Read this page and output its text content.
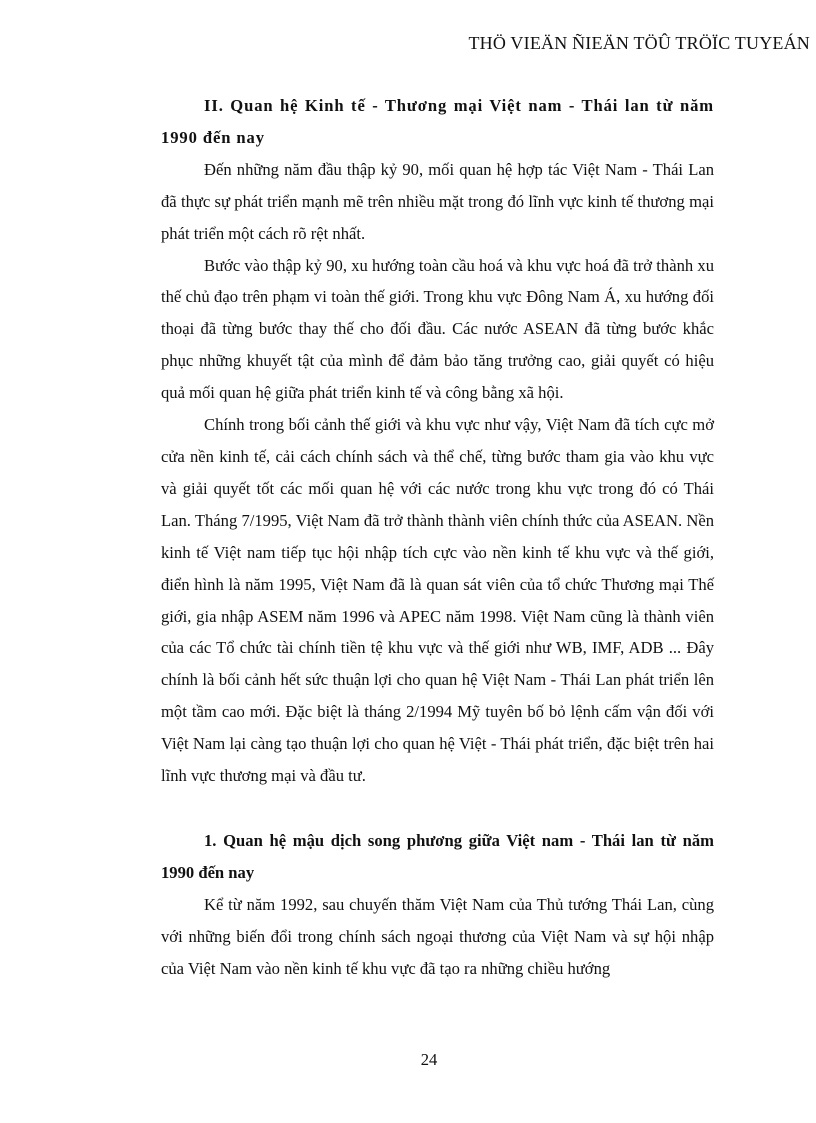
THÖ VIEÄN ÑIEÄN TÖÛ TRÖÏC TUYEÁN

II. Quan hệ Kinh tế - Thương mại Việt nam - Thái lan từ năm 1990 đến nay

Đến những năm đầu thập kỷ 90, mối quan hệ hợp tác Việt Nam - Thái Lan đã thực sự phát triển mạnh mẽ trên nhiều mặt trong đó lĩnh vực kinh tế thương mại phát triển một cách rõ rệt nhất.

Bước vào thập kỷ 90, xu hướng toàn cầu hoá và khu vực hoá đã trở thành xu thế chủ đạo trên phạm vi toàn thế giới. Trong khu vực Đông Nam Á, xu hướng đối thoại đã từng bước thay thế cho đối đầu. Các nước ASEAN đã từng bước khắc phục những khuyết tật của mình để đảm bảo tăng trưởng cao, giải quyết có hiệu quả mối quan hệ giữa phát triển kinh tế và công bằng xã hội.

Chính trong bối cảnh thế giới và khu vực như vậy, Việt Nam đã tích cực mở cửa nền kinh tế, cải cách chính sách và thể chế, từng bước tham gia vào khu vực và giải quyết tốt các mối quan hệ với các nước trong khu vực trong đó có Thái Lan. Tháng 7/1995, Việt Nam đã trở thành thành viên chính thức của ASEAN. Nền kinh tế Việt nam tiếp tục hội nhập tích cực vào nền kinh tế khu vực và thế giới, điển hình là năm 1995, Việt Nam đã là quan sát viên của tổ chức Thương mại Thế giới, gia nhập ASEM năm 1996 và APEC năm 1998. Việt Nam cũng là thành viên của các Tổ chức tài chính tiền tệ khu vực và thế giới như WB, IMF, ADB ... Đây chính là bối cảnh hết sức thuận lợi cho quan hệ Việt Nam - Thái Lan phát triển lên một tầm cao mới. Đặc biệt là tháng 2/1994 Mỹ tuyên bố bỏ lệnh cấm vận đối với Việt Nam lại càng tạo thuận lợi cho quan hệ Việt - Thái phát triển, đặc biệt trên hai lĩnh vực thương mại và đầu tư.

1. Quan hệ mậu dịch song phương giữa Việt nam - Thái lan từ năm 1990 đến nay

Kể từ năm 1992, sau chuyến thăm Việt Nam của Thủ tướng Thái Lan, cùng với những biến đổi trong chính sách ngoại thương của Việt Nam và sự hội nhập của Việt Nam vào nền kinh tế khu vực đã tạo ra những chiều hướng

24
